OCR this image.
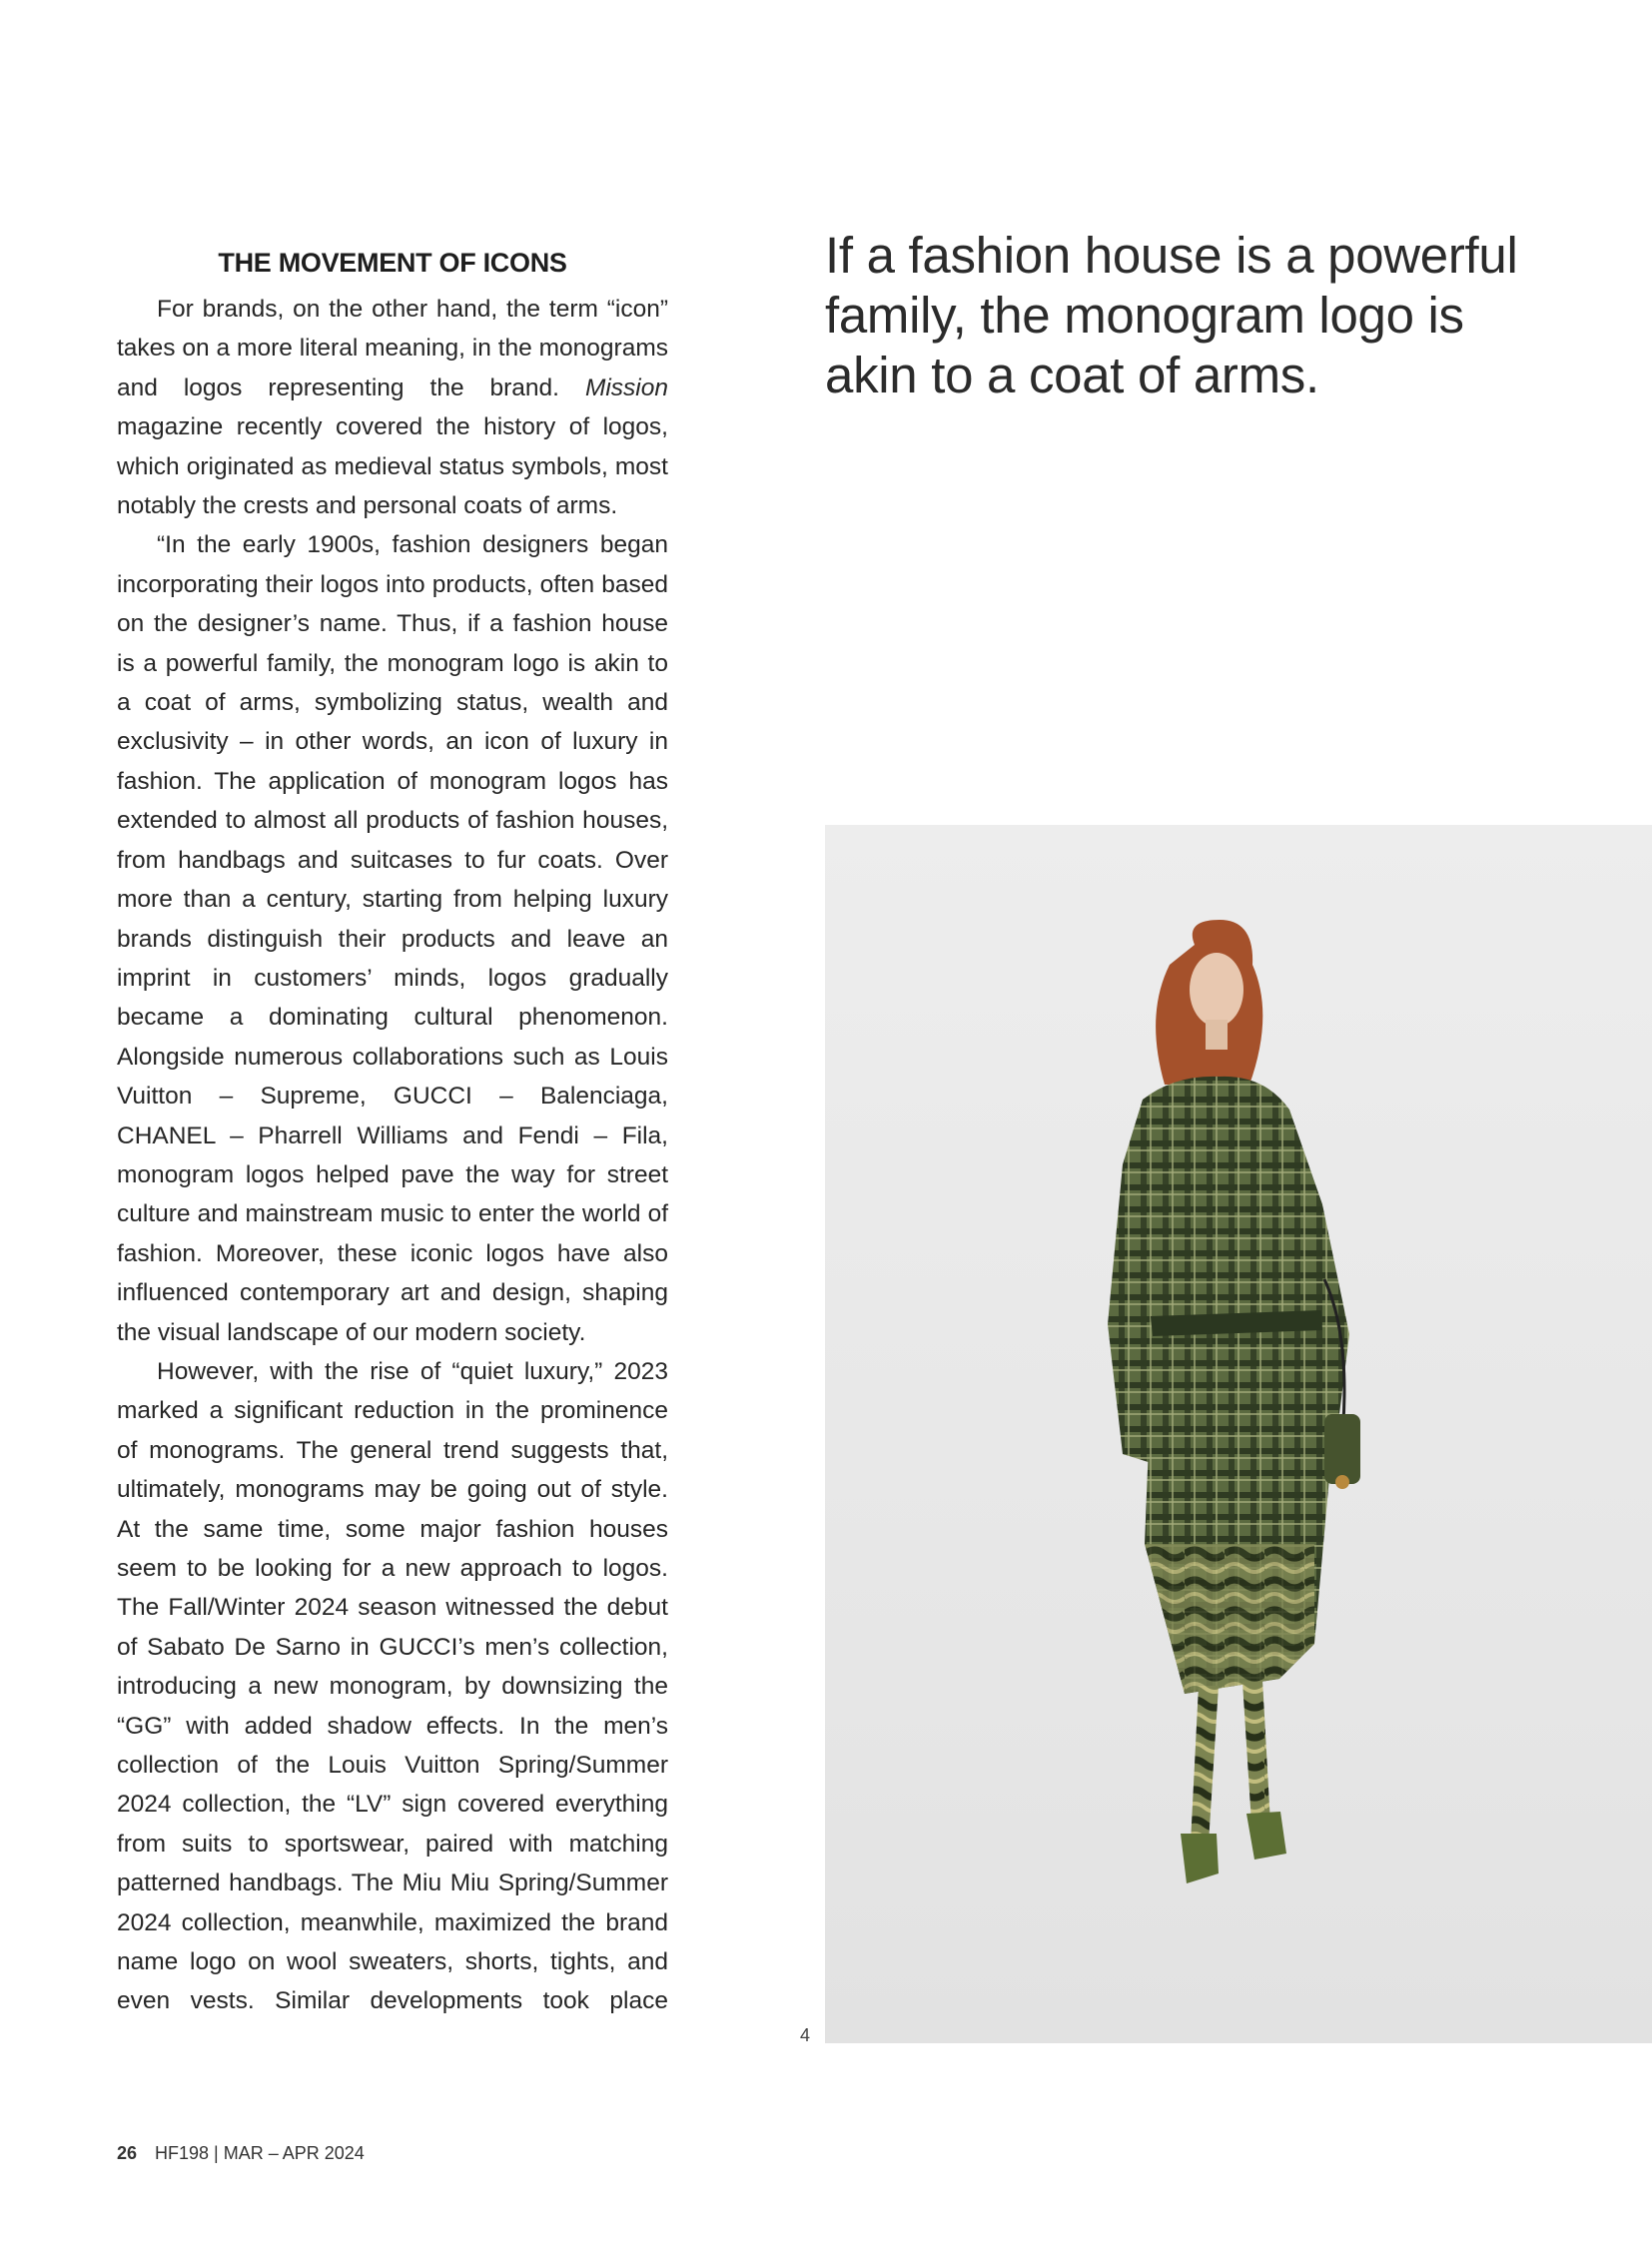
THE MOVEMENT OF ICONS

For brands, on the other hand, the term “icon” takes on a more literal meaning, in the monograms and logos representing the brand. Mission magazine recently covered the history of logos, which originated as medieval status symbols, most notably the crests and personal coats of arms.

“In the early 1900s, fashion designers began incorporating their logos into products, often based on the designer’s name. Thus, if a fashion house is a powerful family, the monogram logo is akin to a coat of arms, symbolizing status, wealth and exclusivity – in other words, an icon of luxury in fashion. The application of monogram logos has extended to almost all products of fashion houses, from handbags and suitcases to fur coats. Over more than a century, starting from helping luxury brands distinguish their products and leave an imprint in customers’ minds, logos gradually became a dominating cultural phenomenon. Alongside numerous collaborations such as Louis Vuitton – Supreme, GUCCI – Balenciaga, CHANEL – Pharrell Williams and Fendi – Fila, monogram logos helped pave the way for street culture and mainstream music to enter the world of fashion. Moreover, these iconic logos have also influenced contemporary art and design, shaping the visual landscape of our modern society.

However, with the rise of “quiet luxury,” 2023 marked a significant reduction in the prominence of monograms. The general trend suggests that, ultimately, monograms may be going out of style. At the same time, some major fashion houses seem to be looking for a new approach to logos. The Fall/Winter 2024 season witnessed the debut of Sabato De Sarno in GUCCI’s men’s collection, introducing a new monogram, by downsizing the “GG” with added shadow effects. In the men’s collection of the Louis Vuitton Spring/Summer 2024 collection, the “LV” sign covered everything from suits to sportswear, paired with matching patterned handbags. The Miu Miu Spring/Summer 2024 collection, meanwhile, maximized the brand name logo on wool sweaters, shorts, tights, and even vests. Similar developments took place

If a fashion house is a powerful family, the monogram logo is akin to a coat of arms.
4
26 HF198 | MAR – APR 2024
